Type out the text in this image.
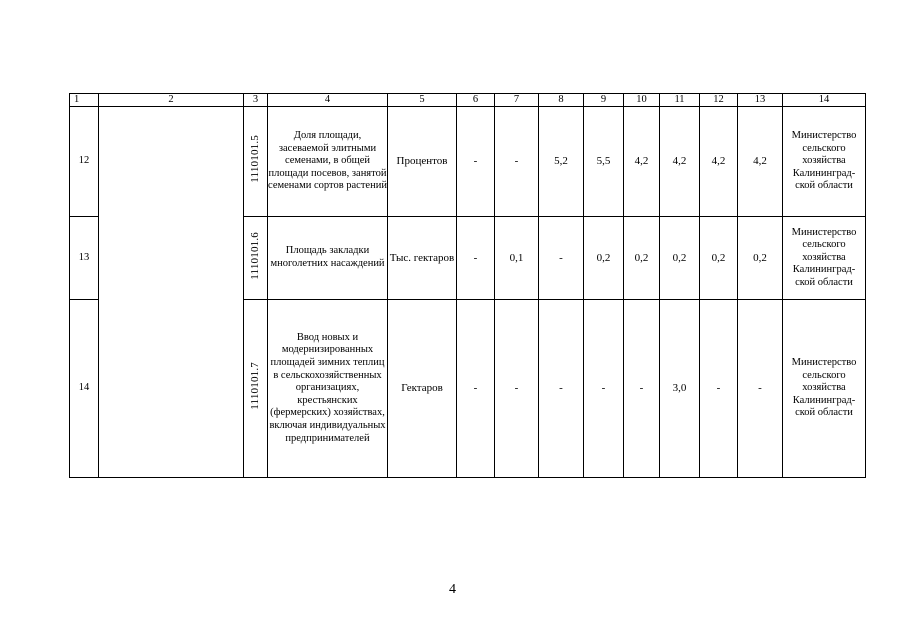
1	2	3	4	5	6	7	8	9	10	11	12	13	14
12		1110101.5	Доля площади, засеваемой элитными семенами, в общей площади посевов, занятой семенами сортов растений	Процентов	-	-	5,2	5,5	4,2	4,2	4,2	4,2	Министерство сельского хозяйства Калининград-ской области
13		1110101.6	Площадь закладки многолетних насаждений	Тыс. гектаров	-	0,1	-	0,2	0,2	0,2	0,2	0,2	Министерство сельского хозяйства Калининград-ской области
14		1110101.7	Ввод новых и модернизированных площадей зимних теплиц в сельскохозяйственных организациях, крестьянских (фермерских) хозяйствах, включая индивидуальных предпринимателей	Гектаров	-	-	-	-	-	3,0	-	-	Министерство сельского хозяйства Калининград-ской области
4
